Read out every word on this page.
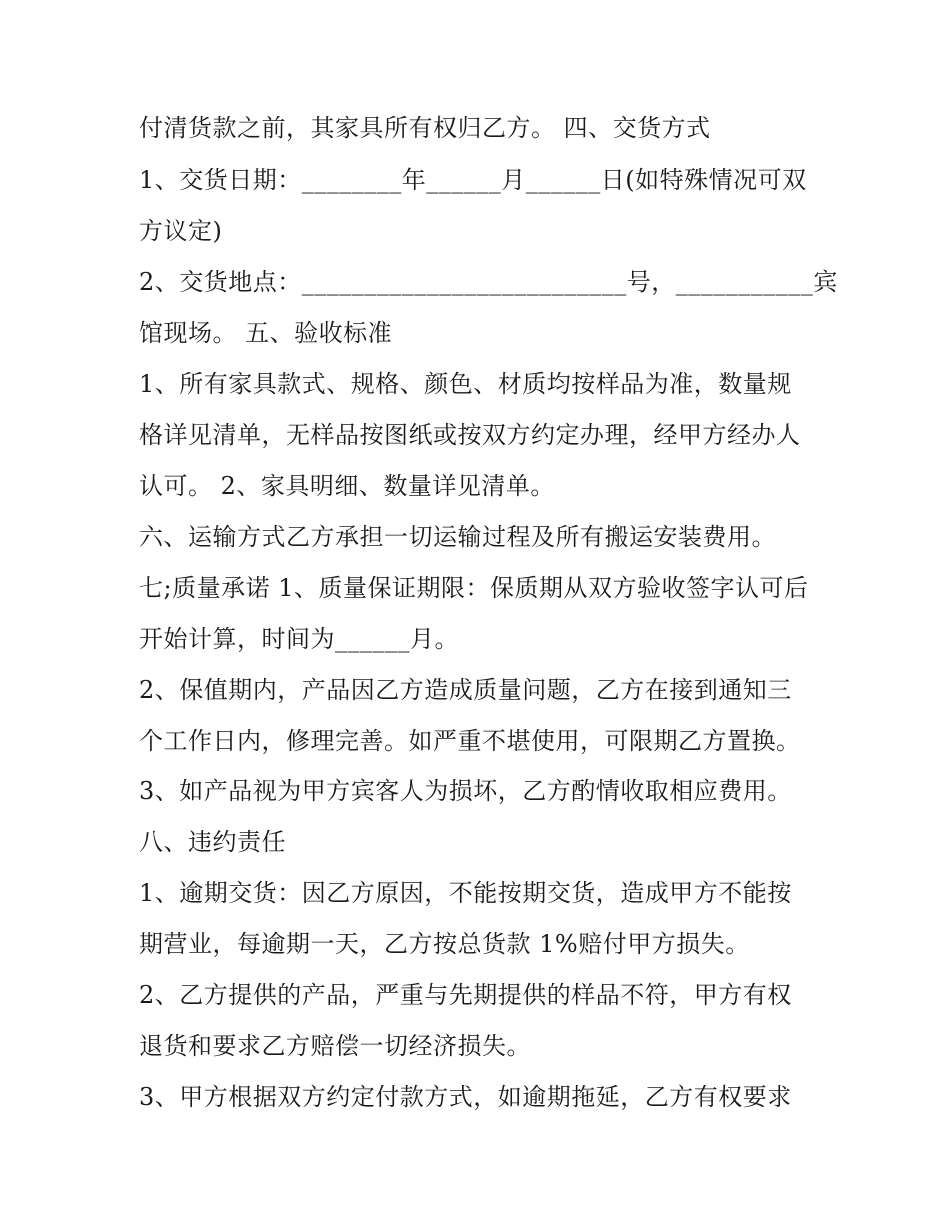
付清货款之前，其家具所有权归乙方。 四、交货方式
1、交货日期：________年______月______日(如特殊情况可双
方议定)
2、交货地点：__________________________号，___________宾
馆现场。 五、验收标准
1、所有家具款式、规格、颜色、材质均按样品为准，数量规
格详见清单，无样品按图纸或按双方约定办理，经甲方经办人
认可。 2、家具明细、数量详见清单。
六、运输方式乙方承担一切运输过程及所有搬运安装费用。
七;质量承诺 1、质量保证期限：保质期从双方验收签字认可后
开始计算，时间为______月。
2、保值期内，产品因乙方造成质量问题，乙方在接到通知三
个工作日内，修理完善。如严重不堪使用，可限期乙方置换。
3、如产品视为甲方宾客人为损坏，乙方酌情收取相应费用。
八、违约责任
1、逾期交货：因乙方原因，不能按期交货，造成甲方不能按
期营业，每逾期一天，乙方按总货款 1%赔付甲方损失。
2、乙方提供的产品，严重与先期提供的样品不符，甲方有权
退货和要求乙方赔偿一切经济损失。
3、甲方根据双方约定付款方式，如逾期拖延，乙方有权要求
